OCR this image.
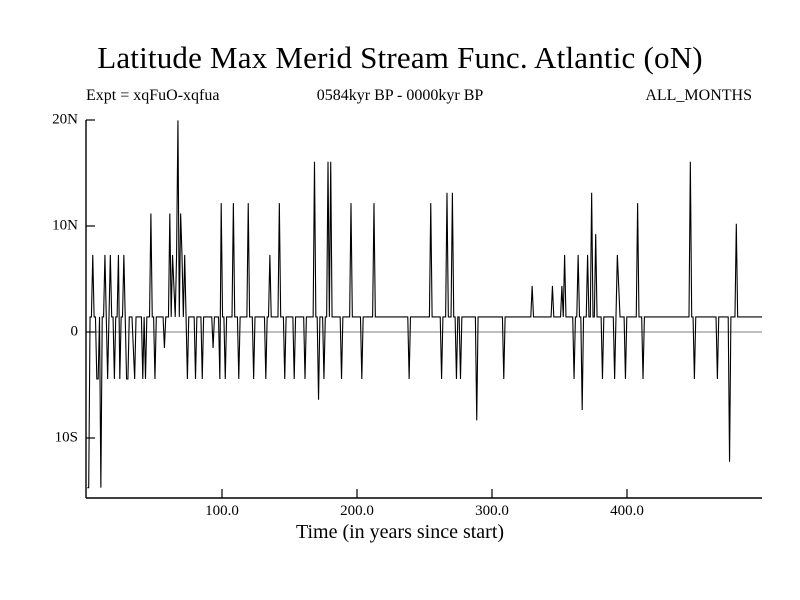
Latitude Max Merid Stream Func. Atlantic (oN)
Expt = xqFuO-xqfua	0584kyr BP - 0000kyr BP	ALL_MONTHS
20N
10N
0
10S
100.0	200.0	300.0	400.0
Time (in years since start)
